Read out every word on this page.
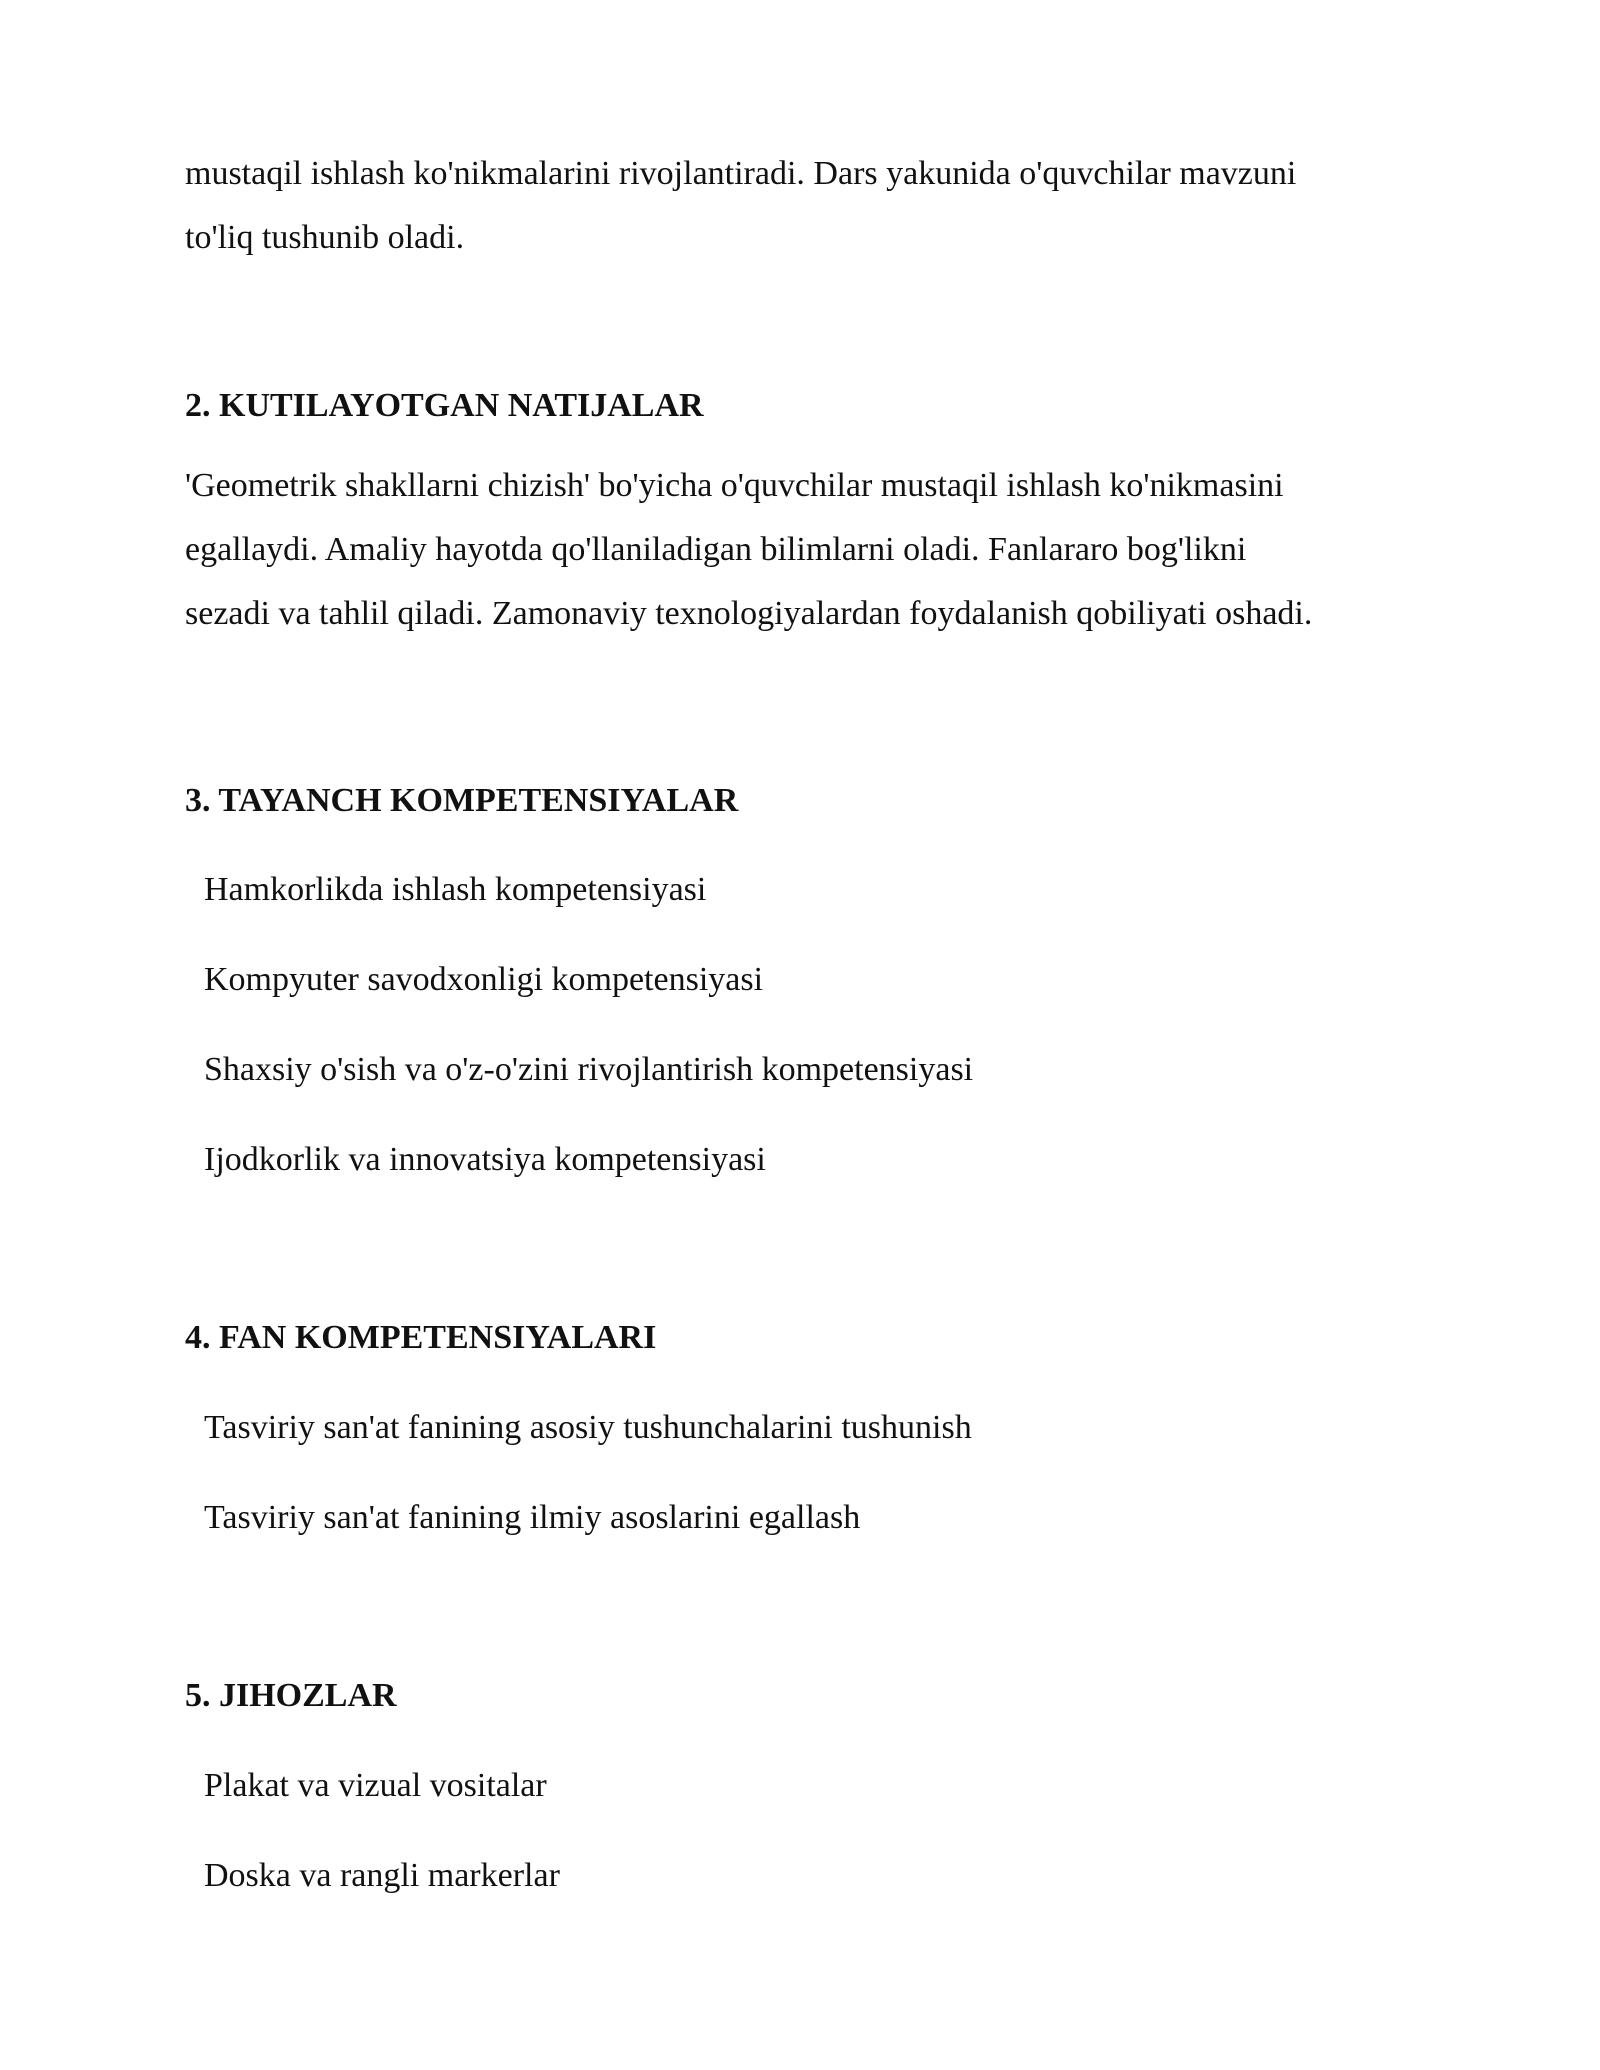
mustaqil ishlash ko'nikmalarini rivojlantiradi. Dars yakunida o'quvchilar mavzuni

to'liq tushunib oladi.

2. KUTILAYOTGAN NATIJALAR

'Geometrik shakllarni chizish' bo'yicha o'quvchilar mustaqil ishlash ko'nikmasini

egallaydi. Amaliy hayotda qo'llaniladigan bilimlarni oladi. Fanlararo bog'likni

sezadi va tahlil qiladi. Zamonaviy texnologiyalardan foydalanish qobiliyati oshadi.

3. TAYANCH KOMPETENSIYALAR

Hamkorlikda ishlash kompetensiyasi

Kompyuter savodxonligi kompetensiyasi

Shaxsiy o'sish va o'z-o'zini rivojlantirish kompetensiyasi

Ijodkorlik va innovatsiya kompetensiyasi

4. FAN KOMPETENSIYALARI

Tasviriy san'at fanining asosiy tushunchalarini tushunish

Tasviriy san'at fanining ilmiy asoslarini egallash

5. JIHOZLAR

Plakat va vizual vositalar

Doska va rangli markerlar
